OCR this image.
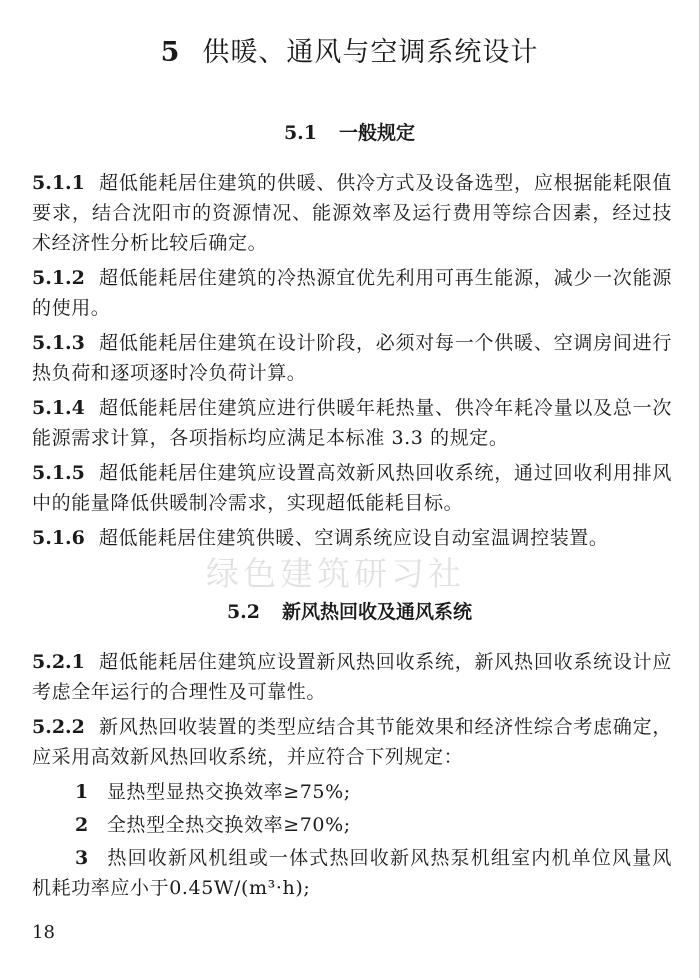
5 供暖、通风与空调系统设计
5.1 一般规定

5.1.1 超低能耗居住建筑的供暖、供冷方式及设备选型，应根据能耗限值要求，结合沈阳市的资源情况、能源效率及运行费用等综合因素，经过技术经济性分析比较后确定。

5.1.2 超低能耗居住建筑的冷热源宜优先利用可再生能源，减少一次能源的使用。

5.1.3 超低能耗居住建筑在设计阶段，必须对每一个供暖、空调房间进行热负荷和逐项逐时冷负荷计算。

5.1.4 超低能耗居住建筑应进行供暖年耗热量、供冷年耗冷量以及总一次能源需求计算，各项指标均应满足本标准 3.3 的规定。

5.1.5 超低能耗居住建筑应设置高效新风热回收系统，通过回收利用排风中的能量降低供暖制冷需求，实现超低能耗目标。

5.1.6 超低能耗居住建筑供暖、空调系统应设自动室温调控装置。

绿色建筑研习社
5.2 新风热回收及通风系统

5.2.1 超低能耗居住建筑应设置新风热回收系统，新风热回收系统设计应考虑全年运行的合理性及可靠性。

5.2.2 新风热回收装置的类型应结合其节能效果和经济性综合考虑确定，应采用高效新风热回收系统，并应符合下列规定：

1 显热型显热交换效率≥75%;

2 全热型全热交换效率≥70%;

3 热回收新风机组或一体式热回收新风热泵机组室内机单位风量风机耗功率应小于0.45W/(m³·h);

18
